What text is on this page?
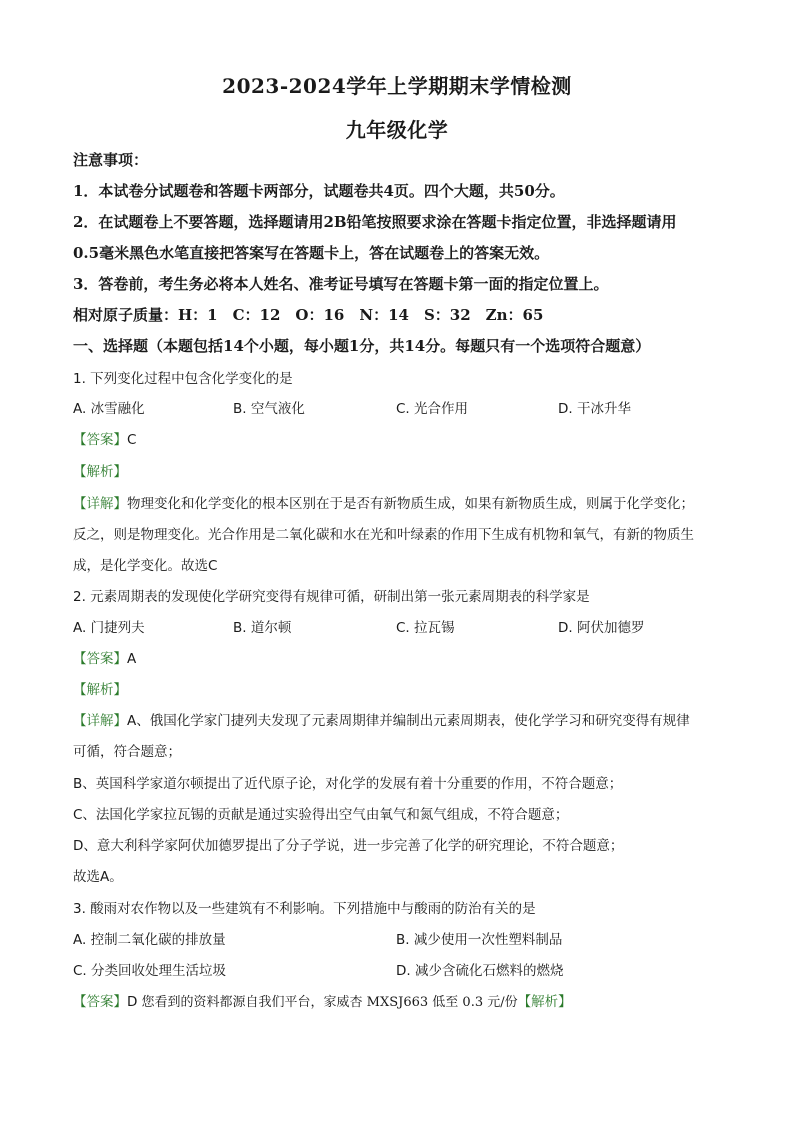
2023-2024学年上学期期末学情检测
九年级化学
注意事项：
1．本试卷分试题卷和答题卡两部分，试题卷共4页。四个大题，共50分。
2．在试题卷上不要答题，选择题请用2B铅笔按照要求涂在答题卡指定位置，非选择题请用
0.5毫米黑色水笔直接把答案写在答题卡上，答在试题卷上的答案无效。
3．答卷前，考生务必将本人姓名、准考证号填写在答题卡第一面的指定位置上。
相对原子质量：H：1　C：12　O：16　N：14　S：32　Zn：65
一、选择题（本题包括14个小题，每小题1分，共14分。每题只有一个选项符合题意）
1. 下列变化过程中包含化学变化的是
A. 冰雪融化	B. 空气液化	C. 光合作用	D. 干冰升华
【答案】C
【解析】
【详解】物理变化和化学变化的根本区别在于是否有新物质生成，如果有新物质生成，则属于化学变化；
反之，则是物理变化。光合作用是二氧化碳和水在光和叶绿素的作用下生成有机物和氧气，有新的物质生
成，是化学变化。故选C
2. 元素周期表的发现使化学研究变得有规律可循，研制出第一张元素周期表的科学家是
A. 门捷列夫	B. 道尔顿	C. 拉瓦锡	D. 阿伏加德罗
【答案】A
【解析】
【详解】A、俄国化学家门捷列夫发现了元素周期律并编制出元素周期表，使化学学习和研究变得有规律
可循，符合题意；
B、英国科学家道尔顿提出了近代原子论，对化学的发展有着十分重要的作用，不符合题意；
C、法国化学家拉瓦锡的贡献是通过实验得出空气由氧气和氮气组成，不符合题意；
D、意大利科学家阿伏加德罗提出了分子学说，进一步完善了化学的研究理论，不符合题意；
故选A。
3. 酸雨对农作物以及一些建筑有不利影响。下列措施中与酸雨的防治有关的是
A. 控制二氧化碳的排放量	B. 减少使用一次性塑料制品
C. 分类回收处理生活垃圾	D. 减少含硫化石燃料的燃烧
【答案】D 您看到的资料都源自我们平台，家威杏 MXSJ663 低至 0.3 元/份【解析】
